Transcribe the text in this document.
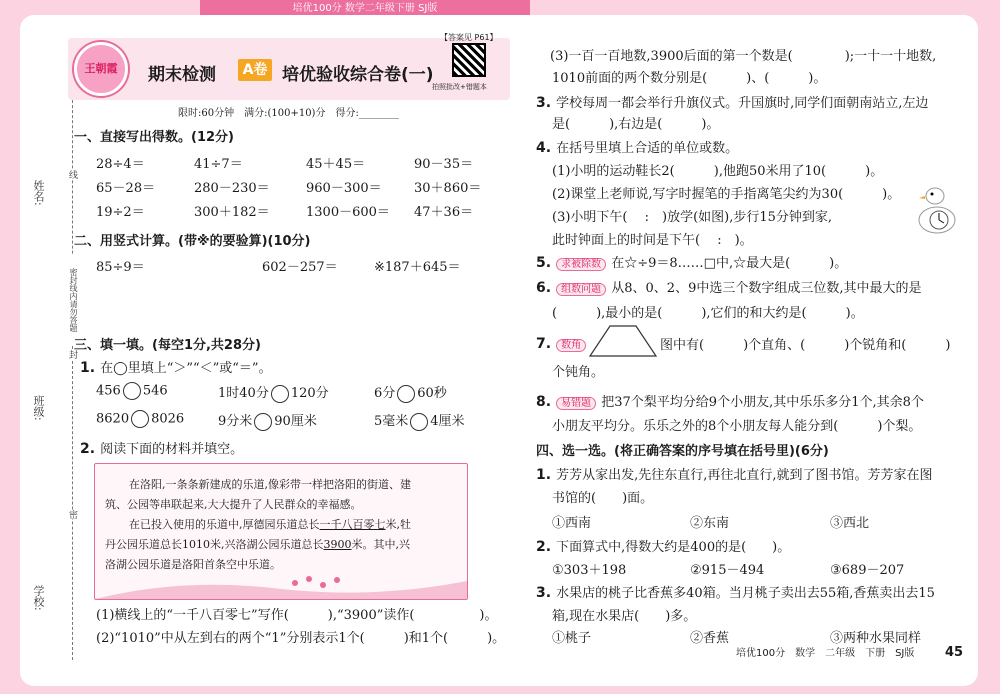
培优100分 数学二年级下册 SJ版
姓名:
线
密封线内请勿答题
封
班级:
密
学校:
王朝霞	期末检测	A卷 培优验收综合卷(一)
【答案见 P61】
拍照批改+错题本
限时:60分钟　满分:(100+10)分　得分:________
一、直接写出得数。(12分)
28÷4＝	41÷7＝	45＋45＝	90－35＝
65－28＝	280－230＝	960－300＝ 30＋860＝
19÷2＝	300＋182＝	1300－600＝ 47＋36＝
二、用竖式计算。(带※的要验算)(10分)
85÷9＝	602－257＝	※187＋645＝
三、填一填。(每空1分,共28分)
1. 在◯里填上“＞”“＜”或“＝”。
456 546	1时40分 120分	6分 60秒
8620 8026	9分米 90厘米	5毫米 4厘米
2. 阅读下面的材料并填空。
在洛阳,一条条新建成的乐道,像彩带一样把洛阳的街道、建
筑、公园等串联起来,大大提升了人民群众的幸福感。
在已投入使用的乐道中,厚德园乐道总长一千八百零七米,牡
丹公园乐道总长1010米,兴洛湖公园乐道总长3900米。其中,兴
洛湖公园乐道是洛阳首条空中乐道。
(1)横线上的“一千八百零七”写作(　　　),“3900”读作(　　　　　)。
(2)“1010”中从左到右的两个“1”分别表示1个(　　　)和1个(　　　)。
(3)一百一百地数,3900后面的第一个数是(　　　　);一十一十地数,
1010前面的两个数分别是(　　　)、(　　　)。
3. 学校每周一都会举行升旗仪式。升国旗时,同学们面朝南站立,左边
是(　　　),右边是(　　　)。
4. 在括号里填上合适的单位或数。
(1)小明的运动鞋长2(　　　),他跑50米用了10(　　　)。
(2)课堂上老师说,写字时握笔的手指离笔尖约为30(　　　)。
(3)小明下午(　 :　)放学(如图),步行15分钟到家,
此时钟面上的时间是下午(　 :　)。
5. 求被除数 在☆÷9＝8……□中,☆最大是(　　　)。
6. 组数问题 从8、0、2、9中选三个数字组成三位数,其中最大的是
(　　　),最小的是(　　　),它们的和大约是(　　　)。
7. 数角	图中有(　　　)个直角、(　　　)个锐角和(　　　)
个钝角。
8. 易错题 把37个梨平均分给9个小朋友,其中乐乐多分1个,其余8个
小朋友平均分。乐乐之外的8个小朋友每人能分到(　　　)个梨。
四、选一选。(将正确答案的序号填在括号里)(6分)
1. 芳芳从家出发,先往东直行,再往北直行,就到了图书馆。芳芳家在图
书馆的(　　)面。
①西南	②东南	③西北
2. 下面算式中,得数大约是400的是(　　)。
①303＋198	②915－494	③689－207
3. 水果店的桃子比香蕉多40箱。当月桃子卖出去55箱,香蕉卖出去15
箱,现在水果店(　　)多。
①桃子	②香蕉	③两种水果同样
培优100分　数学　二年级　下册　SJ版 45
